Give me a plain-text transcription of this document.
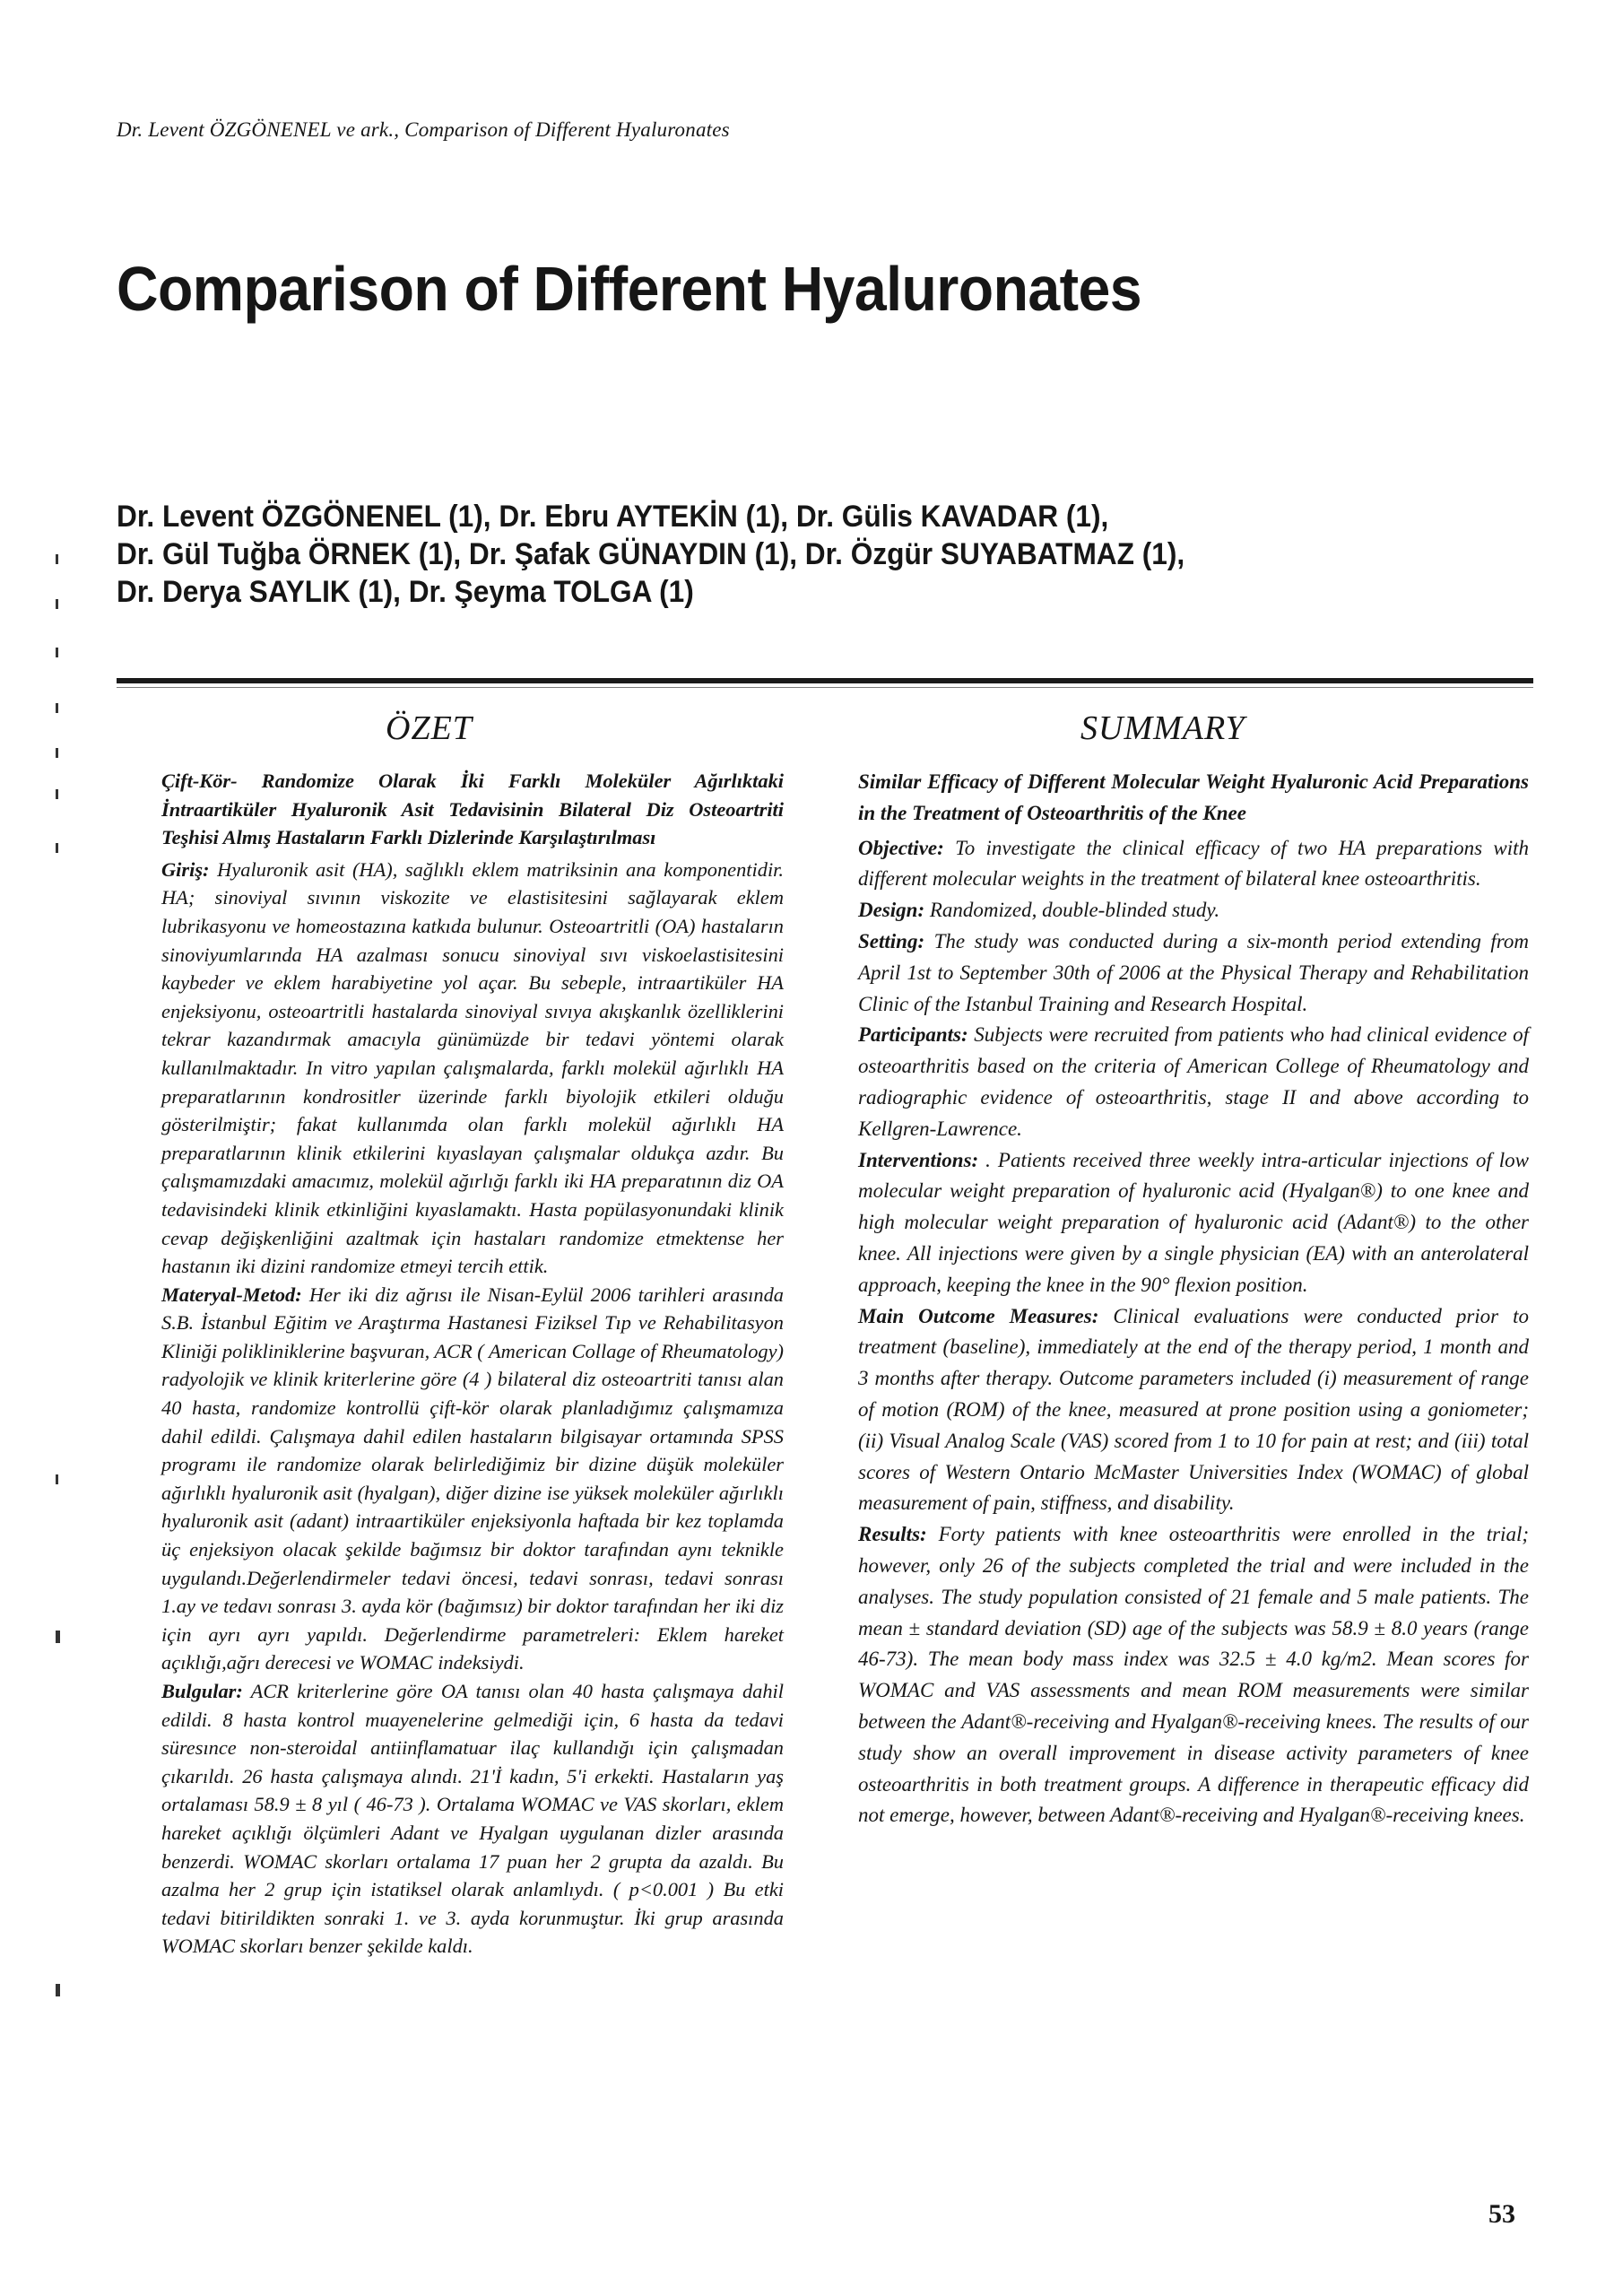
Dr. Levent ÖZGÖNENEL ve ark., Comparison of Different Hyaluronates
Comparison of Different Hyaluronates
Dr. Levent ÖZGÖNENEL (1), Dr. Ebru AYTEKİN (1), Dr. Gülis KAVADAR (1),
Dr. Gül Tuğba ÖRNEK (1), Dr. Şafak GÜNAYDIN (1), Dr. Özgür SUYABATMAZ (1),
Dr. Derya SAYLIK (1), Dr. Şeyma TOLGA (1)
ÖZET	SUMMARY

Çift-Kör- Randomize Olarak İki Farklı Moleküler Ağırlıktaki İntraartiküler Hyaluronik Asit Tedavisinin Bilateral Diz Osteoartriti Teşhisi Almış Hastaların Farklı Dizlerinde Karşılaştırılması

Giriş: Hyaluronik asit (HA), sağlıklı eklem matriksinin ana komponentidir. HA; sinoviyal sıvının viskozite ve elastisitesini sağlayarak eklem lubrikasyonu ve homeostazına katkıda bulunur. Osteoartritli (OA) hastaların sinoviyumlarında HA azalması sonucu sinoviyal sıvı viskoelastisitesini kaybeder ve eklem harabiyetine yol açar. Bu sebeple, intraartiküler HA enjeksiyonu, osteoartritli hastalarda sinoviyal sıvıya akışkanlık özelliklerini tekrar kazandırmak amacıyla günümüzde bir tedavi yöntemi olarak kullanılmaktadır. In vitro yapılan çalışmalarda, farklı molekül ağırlıklı HA preparatlarının kondrositler üzerinde farklı biyolojik etkileri olduğu gösterilmiştir; fakat kullanımda olan farklı molekül ağırlıklı HA preparatlarının klinik etkilerini kıyaslayan çalışmalar oldukça azdır. Bu çalışmamızdaki amacımız, molekül ağırlığı farklı iki HA preparatının diz OA tedavisindeki klinik etkinliğini kıyaslamaktı. Hasta popülasyonundaki klinik cevap değişkenliğini azaltmak için hastaları randomize etmektense her hastanın iki dizini randomize etmeyi tercih ettik.

Materyal-Metod: Her iki diz ağrısı ile Nisan-Eylül 2006 tarihleri arasında S.B. İstanbul Eğitim ve Araştırma Hastanesi Fiziksel Tıp ve Rehabilitasyon Kliniği polikliniklerine başvuran, ACR ( American Collage of Rheumatology) radyolojik ve klinik kriterlerine göre (4 ) bilateral diz osteoartriti tanısı alan 40 hasta, randomize kontrollü çift-kör olarak planladığımız çalışmamıza dahil edildi. Çalışmaya dahil edilen hastaların bilgisayar ortamında SPSS programı ile randomize olarak belirlediğimiz bir dizine düşük moleküler ağırlıklı hyaluronik asit (hyalgan), diğer dizine ise yüksek moleküler ağırlıklı hyaluronik asit (adant) intraartiküler enjeksiyonla haftada bir kez toplamda üç enjeksiyon olacak şekilde bağımsız bir doktor tarafından aynı teknikle uygulandı.Değerlendirmeler tedavi öncesi, tedavi sonrası, tedavi sonrası 1.ay ve tedavı sonrası 3. ayda kör (bağımsız) bir doktor tarafından her iki diz için ayrı ayrı yapıldı. Değerlendirme parametreleri: Eklem hareket açıklığı,ağrı derecesi ve WOMAC indeksiydi.

Bulgular: ACR kriterlerine göre OA tanısı olan 40 hasta çalışmaya dahil edildi. 8 hasta kontrol muayenelerine gelmediği için, 6 hasta da tedavi süresınce non-steroidal antiinflamatuar ilaç kullandığı için çalışmadan çıkarıldı. 26 hasta çalışmaya alındı. 21'İ kadın, 5'i erkekti. Hastaların yaş ortalaması 58.9 ± 8 yıl ( 46-73 ). Ortalama WOMAC ve VAS skorları, eklem hareket açıklığı ölçümleri Adant ve Hyalgan uygulanan dizler arasında benzerdi. WOMAC skorları ortalama 17 puan her 2 grupta da azaldı. Bu azalma her 2 grup için istatiksel olarak anlamlıydı. ( p<0.001 ) Bu etki tedavi bitirildikten sonraki 1. ve 3. ayda korunmuştur. İki grup arasında WOMAC skorları benzer şekilde kaldı.

Similar Efficacy of Different Molecular Weight Hyaluronic Acid Preparations in the Treatment of Osteoarthritis of the Knee

Objective: To investigate the clinical efficacy of two HA preparations with different molecular weights in the treatment of bilateral knee osteoarthritis.

Design: Randomized, double-blinded study.

Setting: The study was conducted during a six-month period extending from April 1st to September 30th of 2006 at the Physical Therapy and Rehabilitation Clinic of the Istanbul Training and Research Hospital.

Participants: Subjects were recruited from patients who had clinical evidence of osteoarthritis based on the criteria of American College of Rheumatology and radiographic evidence of osteoarthritis, stage II and above according to Kellgren-Lawrence.

Interventions: . Patients received three weekly intra-articular injections of low molecular weight preparation of hyaluronic acid (Hyalgan®) to one knee and high molecular weight preparation of hyaluronic acid (Adant®) to the other knee. All injections were given by a single physician (EA) with an anterolateral approach, keeping the knee in the 90° flexion position.

Main Outcome Measures: Clinical evaluations were conducted prior to treatment (baseline), immediately at the end of the therapy period, 1 month and 3 months after therapy. Outcome parameters included (i) measurement of range of motion (ROM) of the knee, measured at prone position using a goniometer; (ii) Visual Analog Scale (VAS) scored from 1 to 10 for pain at rest; and (iii) total scores of Western Ontario McMaster Universities Index (WOMAC) of global measurement of pain, stiffness, and disability.

Results: Forty patients with knee osteoarthritis were enrolled in the trial; however, only 26 of the subjects completed the trial and were included in the analyses. The study population consisted of 21 female and 5 male patients. The mean ± standard deviation (SD) age of the subjects was 58.9 ± 8.0 years (range 46-73). The mean body mass index was 32.5 ± 4.0 kg/m2. Mean scores for WOMAC and VAS assessments and mean ROM measurements were similar between the Adant®-receiving and Hyalgan®-receiving knees. The results of our study show an overall improvement in disease activity parameters of knee osteoarthritis in both treatment groups. A difference in therapeutic efficacy did not emerge, however, between Adant®-receiving and Hyalgan®-receiving knees.

53
